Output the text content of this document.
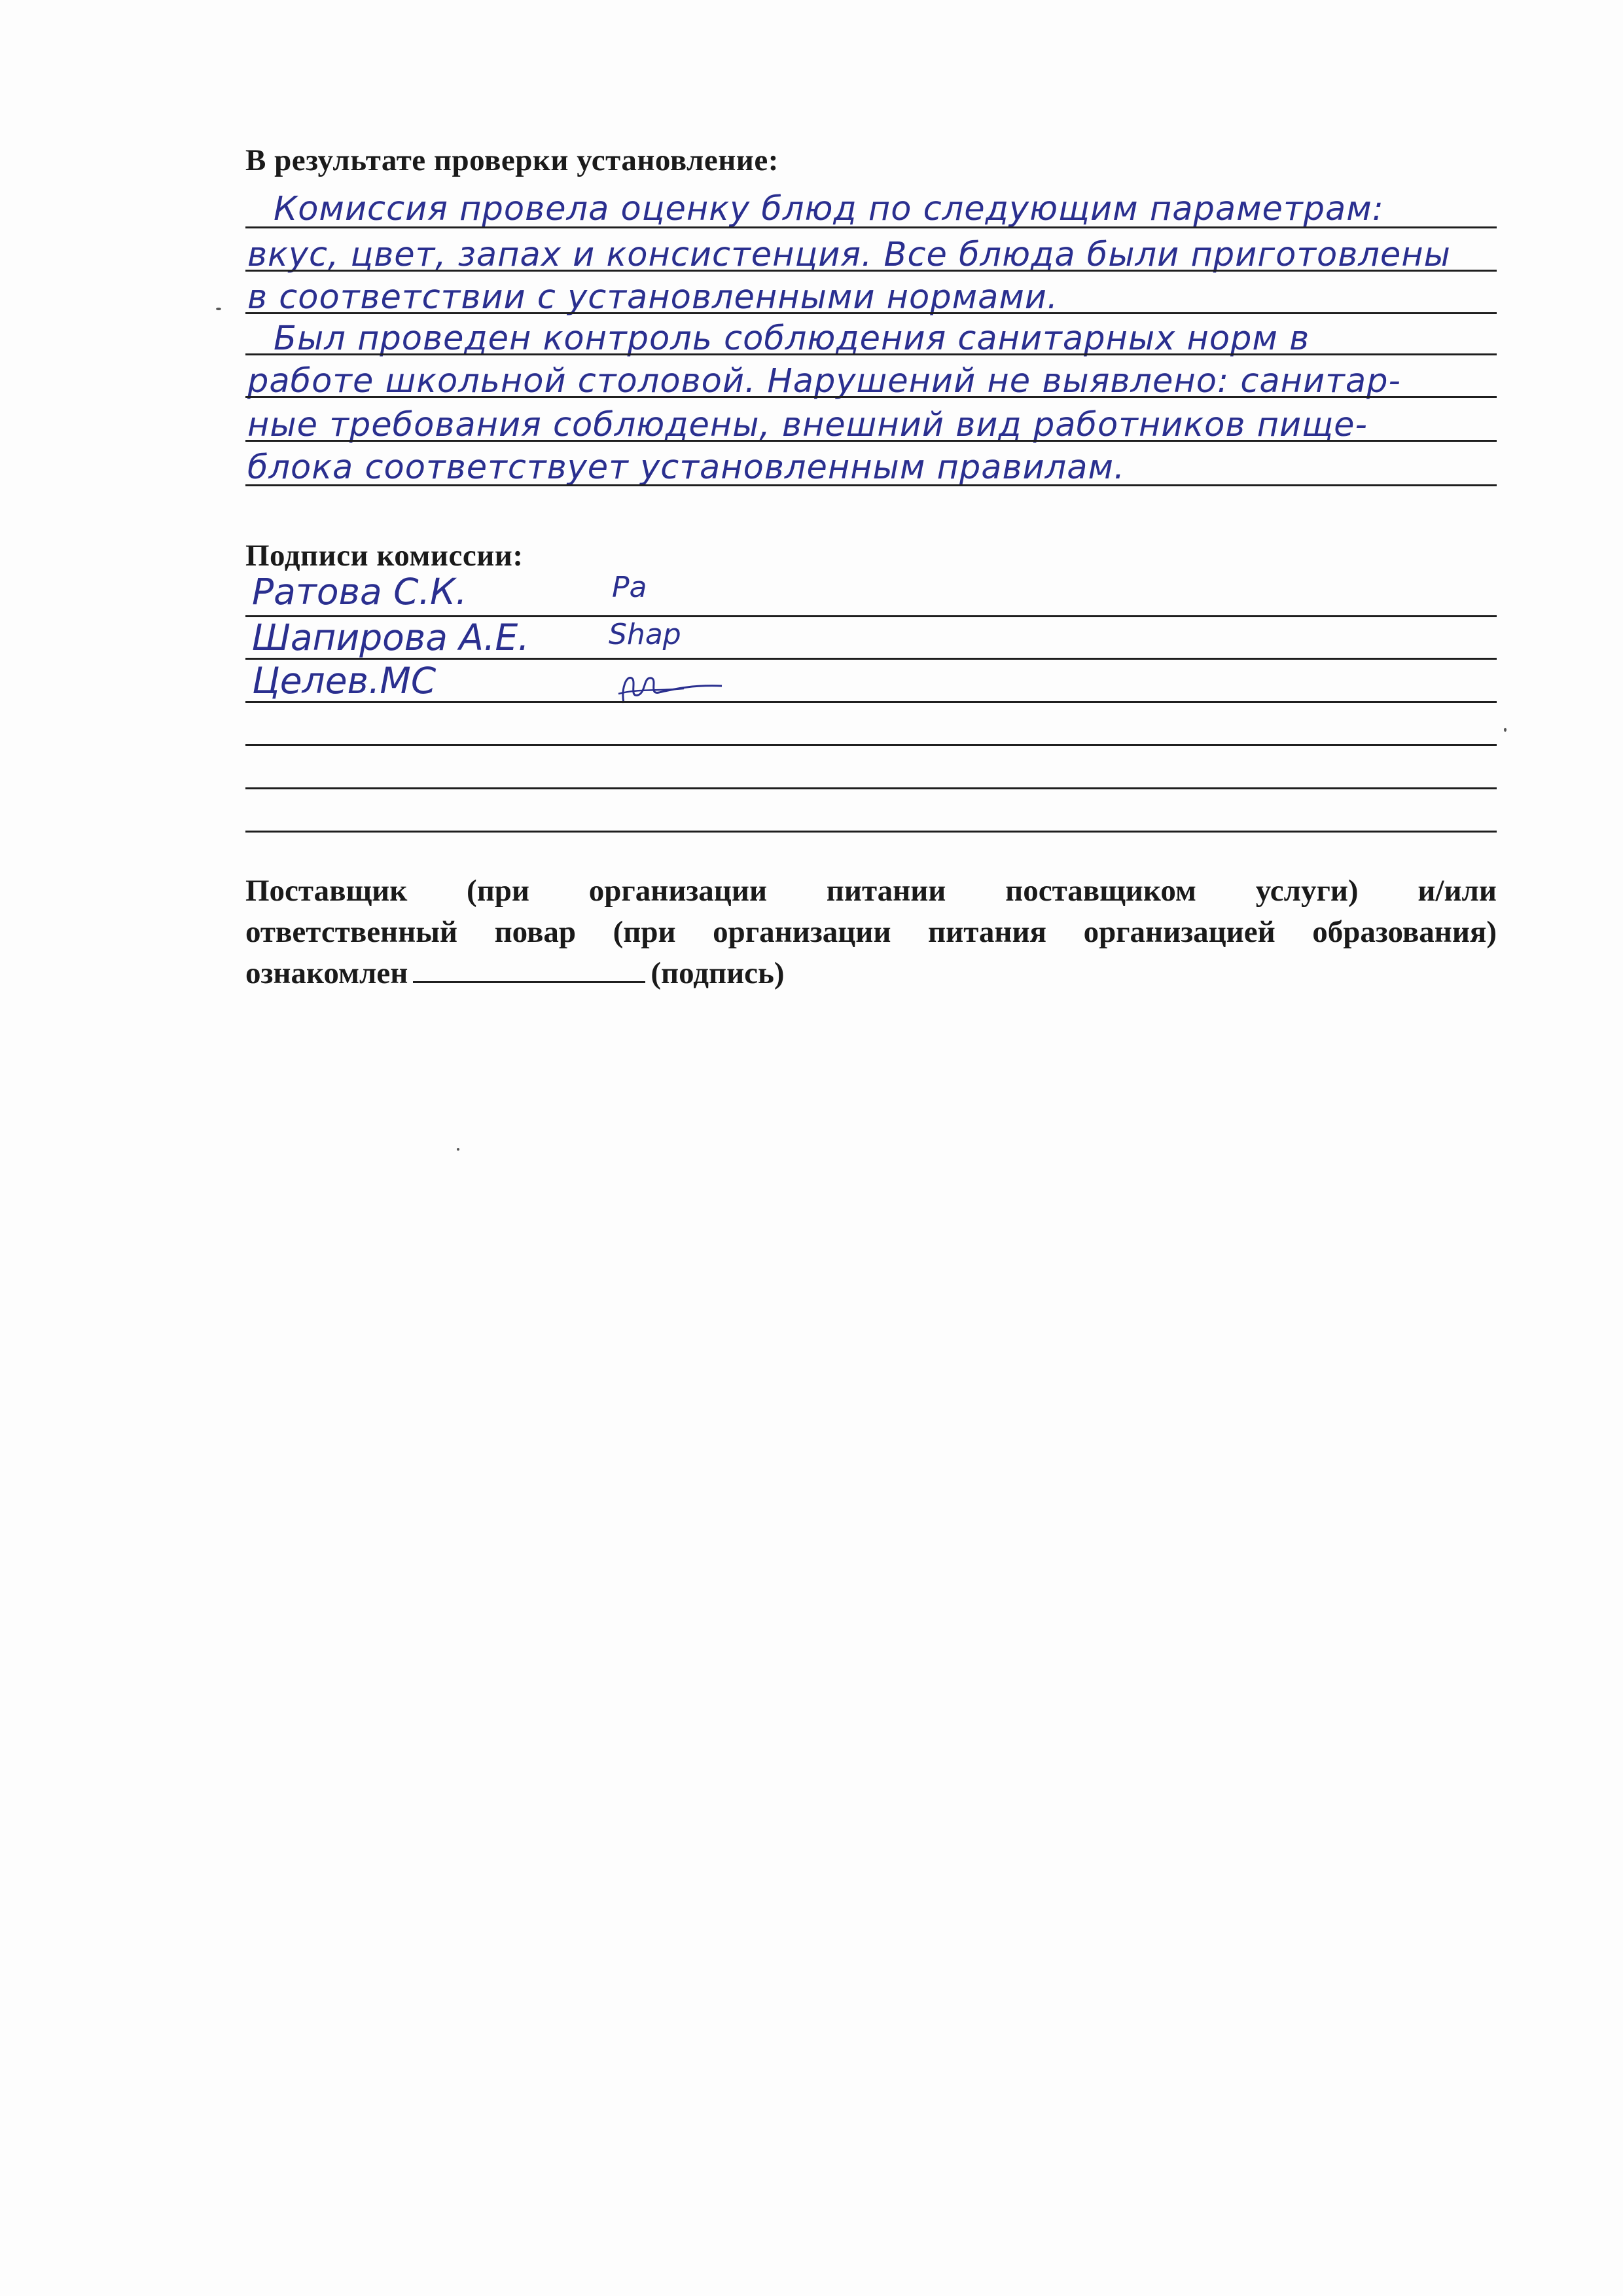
В результате проверки установление:
Комиссия провела оценку блюд по следующим параметрам:
вкус, цвет, запах и консистенция. Все блюда были приготовлены
в соответствии с установленными нормами.
Был проведен контроль соблюдения санитарных норм в
работе школьной столовой. Нарушений не выявлено: санитар-
ные требования соблюдены, внешний вид работников пище-
блока соответствует установленным правилам.
Подписи комиссии:
Ратова С.К.	Ра
Шапирова А.Е.	Shap
Целев.МС

Поставщик (при организации питании поставщиком услуги) и/или

ответственный повар (при организации питания организацией образования)

ознакомлен	(подпись)
